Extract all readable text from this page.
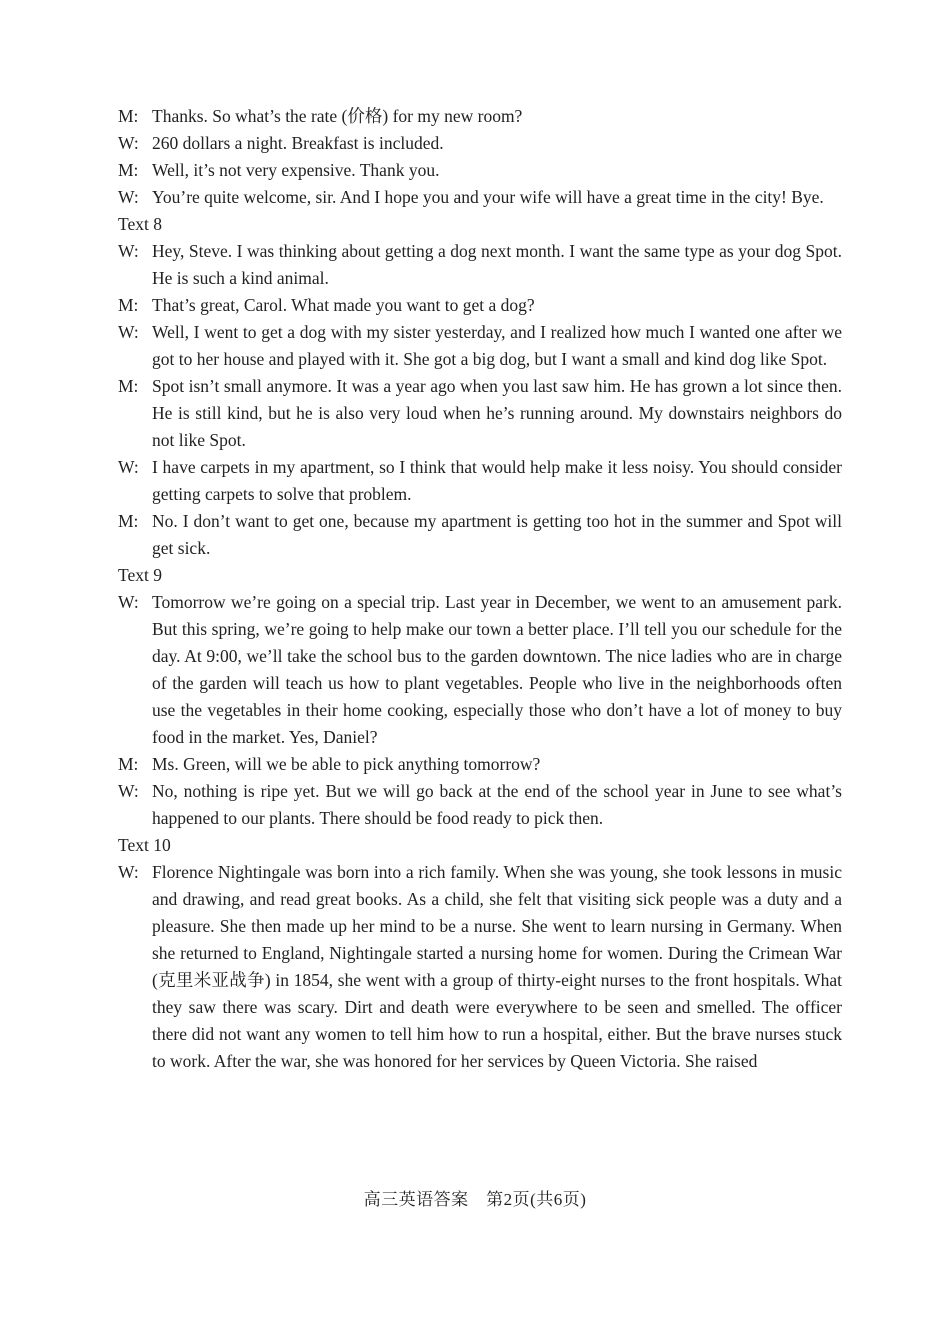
M: Thanks. So what’s the rate (价格) for my new room?
W: 260 dollars a night. Breakfast is included.
M: Well, it’s not very expensive. Thank you.
W: You’re quite welcome, sir. And I hope you and your wife will have a great time in the city! Bye.
Text 8
W: Hey, Steve. I was thinking about getting a dog next month. I want the same type as your dog Spot. He is such a kind animal.
M: That’s great, Carol. What made you want to get a dog?
W: Well, I went to get a dog with my sister yesterday, and I realized how much I wanted one after we got to her house and played with it. She got a big dog, but I want a small and kind dog like Spot.
M: Spot isn’t small anymore. It was a year ago when you last saw him. He has grown a lot since then. He is still kind, but he is also very loud when he’s running around. My downstairs neighbors do not like Spot.
W: I have carpets in my apartment, so I think that would help make it less noisy. You should consider getting carpets to solve that problem.
M: No. I don’t want to get one, because my apartment is getting too hot in the summer and Spot will get sick.
Text 9
W: Tomorrow we’re going on a special trip. Last year in December, we went to an amusement park. But this spring, we’re going to help make our town a better place. I’ll tell you our schedule for the day. At 9:00, we’ll take the school bus to the garden downtown. The nice ladies who are in charge of the garden will teach us how to plant vegetables. People who live in the neighborhoods often use the vegetables in their home cooking, especially those who don’t have a lot of money to buy food in the market. Yes, Daniel?
M: Ms. Green, will we be able to pick anything tomorrow?
W: No, nothing is ripe yet. But we will go back at the end of the school year in June to see what’s happened to our plants. There should be food ready to pick then.
Text 10
W: Florence Nightingale was born into a rich family. When she was young, she took lessons in music and drawing, and read great books. As a child, she felt that visiting sick people was a duty and a pleasure. She then made up her mind to be a nurse. She went to learn nursing in Germany. When she returned to England, Nightingale started a nursing home for women. During the Crimean War (克里米亚战争) in 1854, she went with a group of thirty-eight nurses to the front hospitals. What they saw there was scary. Dirt and death were everywhere to be seen and smelled. The officer there did not want any women to tell him how to run a hospital, either. But the brave nurses stuck to work. After the war, she was honored for her services by Queen Victoria. She raised
高三英语答案　第2页(共6页)
